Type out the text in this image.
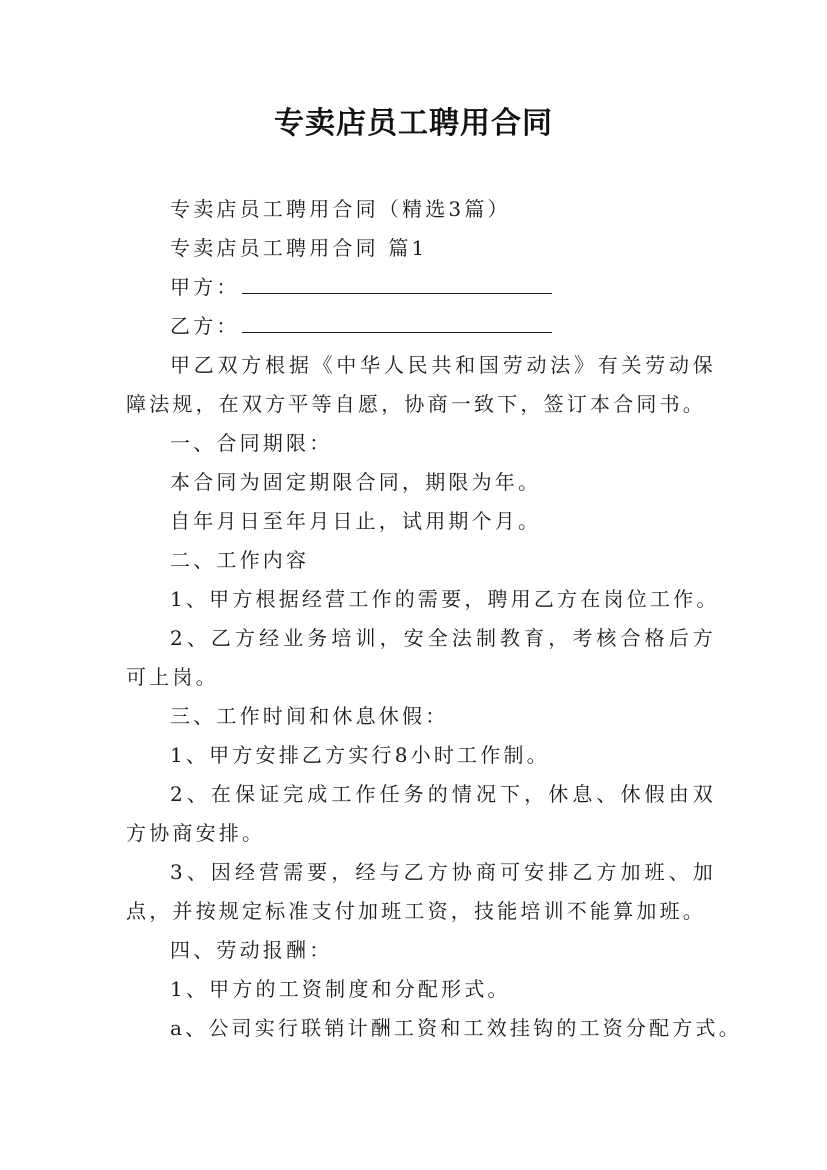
专卖店员工聘用合同

专卖店员工聘用合同（精选3篇）

专卖店员工聘用合同 篇1

甲方：

乙方：

甲乙双方根据《中华人民共和国劳动法》有关劳动保障法规，在双方平等自愿，协商一致下，签订本合同书。

一、合同期限：

本合同为固定期限合同，期限为年。

自年月日至年月日止，试用期个月。

二、工作内容

1、甲方根据经营工作的需要，聘用乙方在岗位工作。

2、乙方经业务培训，安全法制教育，考核合格后方可上岗。

三、工作时间和休息休假：

1、甲方安排乙方实行8小时工作制。

2、在保证完成工作任务的情况下，休息、休假由双方协商安排。

3、因经营需要，经与乙方协商可安排乙方加班、加点，并按规定标准支付加班工资，技能培训不能算加班。

四、劳动报酬：

1、甲方的工资制度和分配形式。

a、公司实行联销计酬工资和工效挂钩的工资分配方式。
